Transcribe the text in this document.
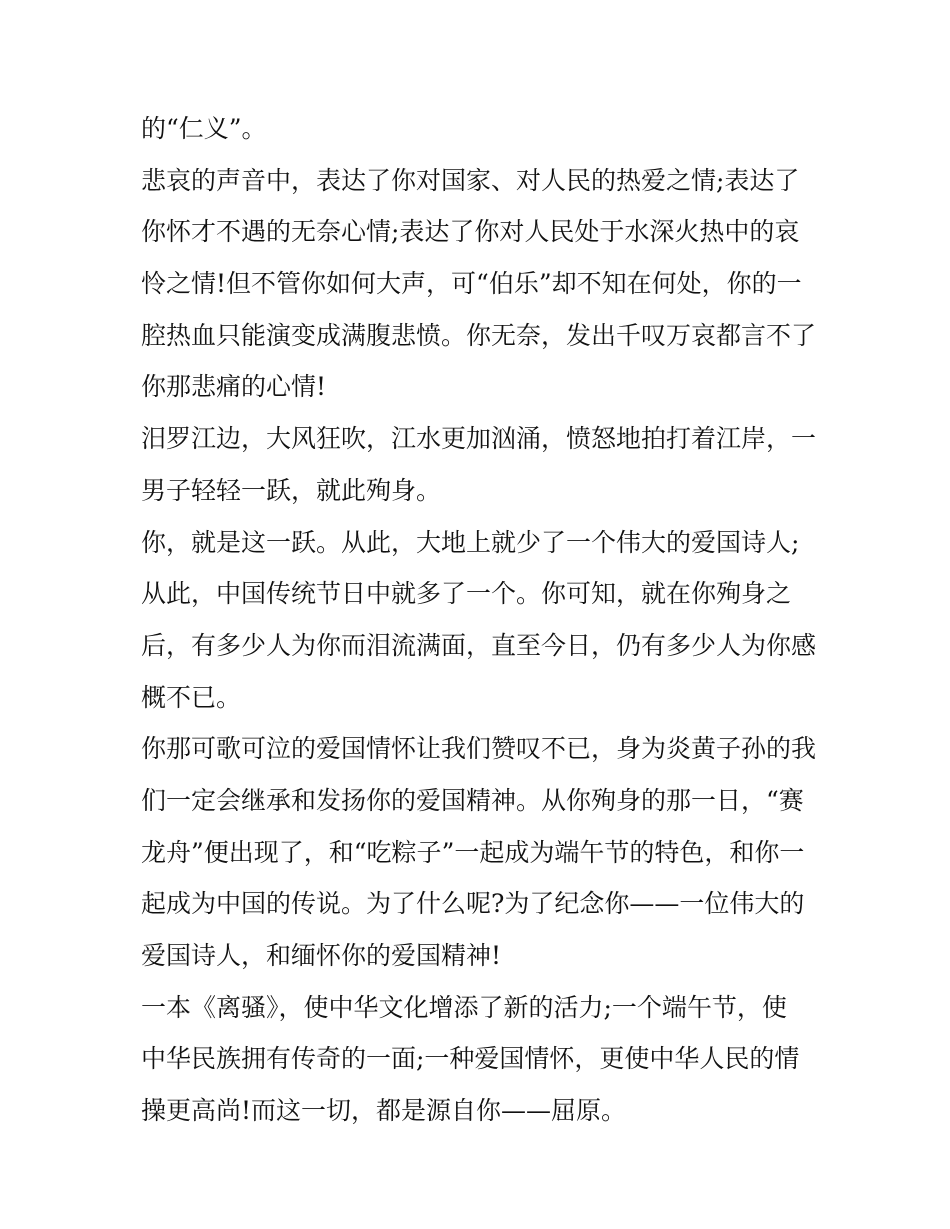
的“仁义”。
悲哀的声音中，表达了你对国家、对人民的热爱之情;表达了
你怀才不遇的无奈心情;表达了你对人民处于水深火热中的哀
怜之情!但不管你如何大声，可“伯乐”却不知在何处，你的一
腔热血只能演变成满腹悲愤。你无奈，发出千叹万哀都言不了
你那悲痛的心情!
汨罗江边，大风狂吹，江水更加汹涌，愤怒地拍打着江岸，一
男子轻轻一跃，就此殉身。
你，就是这一跃。从此，大地上就少了一个伟大的爱国诗人;
从此，中国传统节日中就多了一个。你可知，就在你殉身之
后，有多少人为你而泪流满面，直至今日，仍有多少人为你感
概不已。
你那可歌可泣的爱国情怀让我们赞叹不已，身为炎黄子孙的我
们一定会继承和发扬你的爱国精神。从你殉身的那一日，“赛
龙舟”便出现了，和“吃粽子”一起成为端午节的特色，和你一
起成为中国的传说。为了什么呢?为了纪念你——一位伟大的
爱国诗人，和缅怀你的爱国精神!
一本《离骚》，使中华文化增添了新的活力;一个端午节，使
中华民族拥有传奇的一面;一种爱国情怀，更使中华人民的情
操更高尚!而这一切，都是源自你——屈原。
